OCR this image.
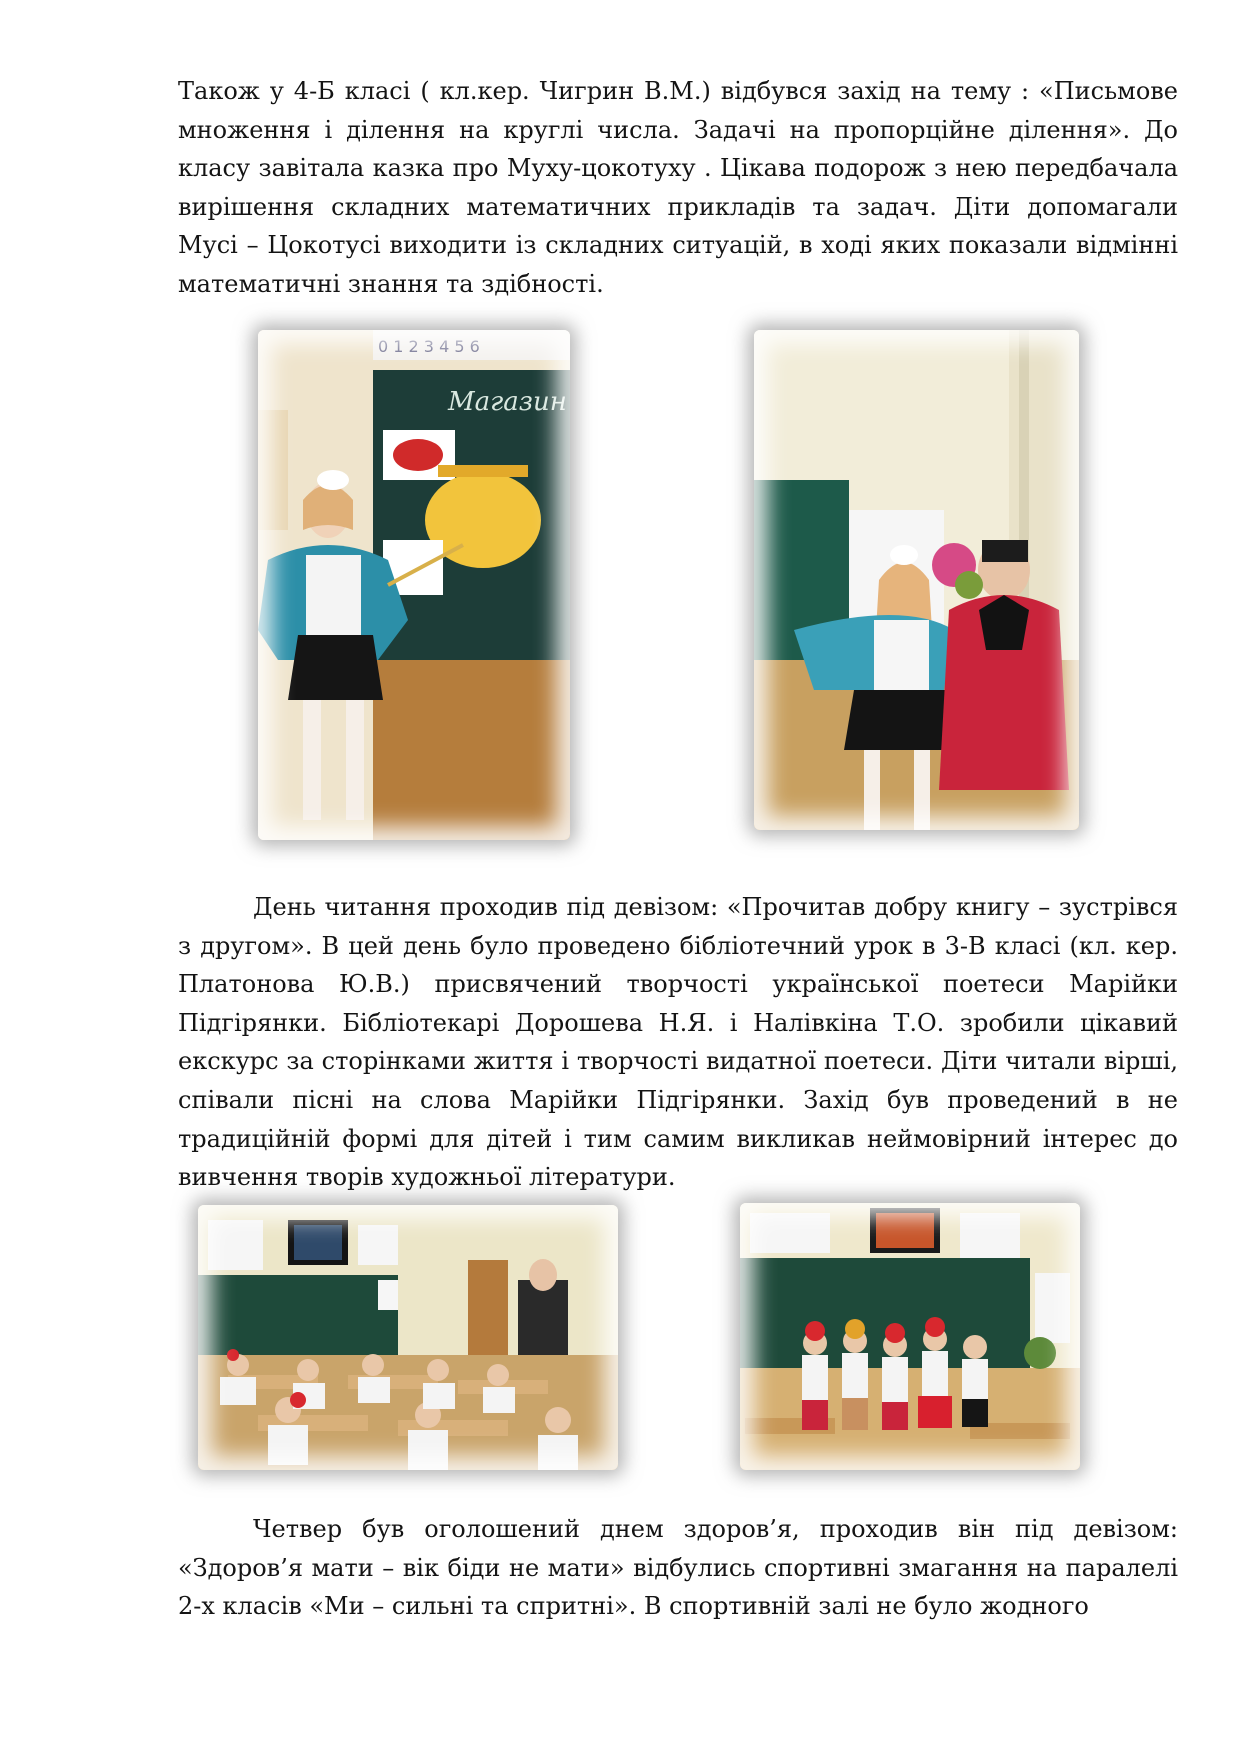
Також у 4-Б класі ( кл.кер. Чигрин В.М.) відбувся захід на тему : «Письмове множення і ділення на круглі числа. Задачі на пропорційне ділення». До класу завітала казка про Муху-цокотуху . Цікава подорож з нею передбачала вирішення складних математичних прикладів та задач. Діти допомагали Мусі – Цокотусі виходити із складних ситуацій, в ході яких показали відмінні математичні знання та здібності.

0 1 2 3 4 5 6
Магазин

День читання проходив під девізом: «Прочитав добру книгу – зустрівся з другом». В цей день було проведено бібліотечний урок в 3-В класі (кл. кер. Платонова Ю.В.) присвячений творчості української поетеси Марійки Підгірянки. Бібліотекарі Дорошева Н.Я. і Налівкіна Т.О. зробили цікавий екскурс за сторінками життя і творчості видатної поетеси. Діти читали вірші, співали пісні на слова Марійки Підгірянки. Захід був проведений в не традиційній формі для дітей і тим самим викликав неймовірний інтерес до вивчення творів художньої літератури.

Четвер був оголошений днем здоров’я, проходив він під девізом: «Здоров’я мати – вік біди не мати» відбулись спортивні змагання на паралелі 2-х класів «Ми – сильні та спритні». В спортивній залі не було жодного
